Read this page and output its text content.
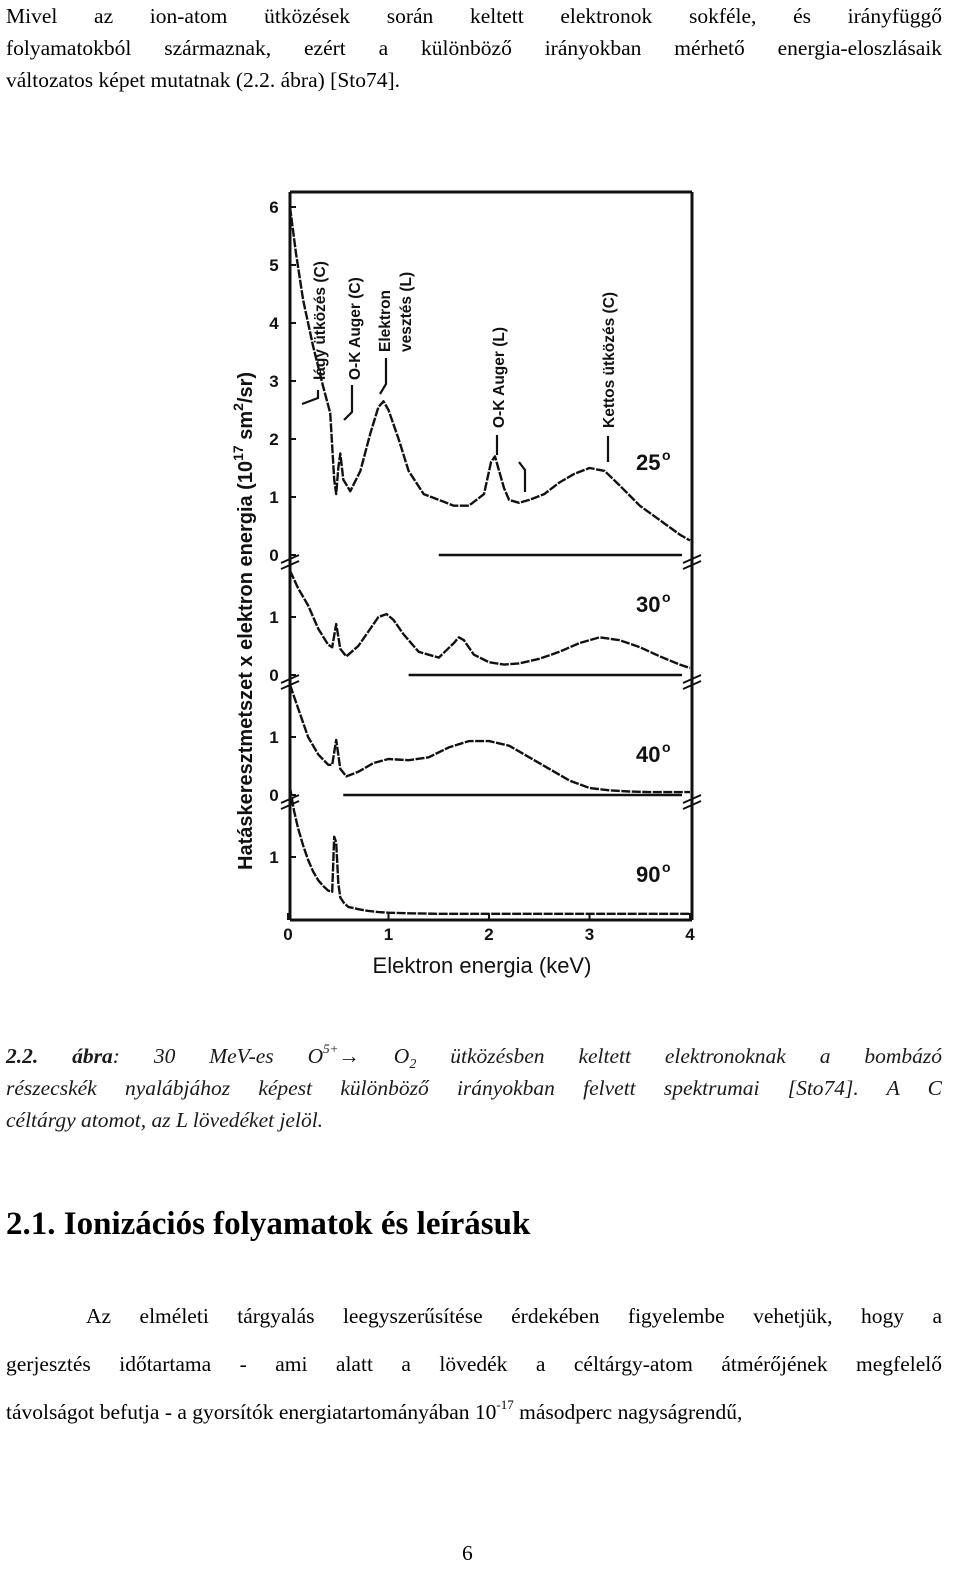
Mivel az ion-atom ütközések során keltett elektronok sokféle, és irányfüggő
folyamatokból származnak, ezért a különböző irányokban mérhető energia-eloszlásaik
változatos képet mutatnak (2.2. ábra) [Sto74].
6
5
4
3
2
1
0
1
0
1
0
1
0	1	2	3	4
25 o
30 o
40 o
90 o
lágy ütközés (C) O-K Auger (C) Elektron vesztés (L)
O-K Auger (L)	Kettos ütközés (C)
Elektron energia (keV)
Hatáskeresztmetszet x elektron energia ($10^{17}$ $sm^2/sr$)
2.2. ábra: 30 MeV-es $O^{5+}\to O_2$ ütközésben keltett elektronoknak a bombázó
részecskék nyalábjához képest különböző irányokban felvett spektrumai [Sto74]. A C
céltárgy atomot, az L lövedéket jelöl.
2.1. Ionizációs folyamatok és leírásuk
Az elméleti tárgyalás leegyszerűsítése érdekében figyelembe vehetjük, hogy a
gerjesztés időtartama - ami alatt a lövedék a céltárgy-atom átmérőjének megfelelő
távolságot befutja - a gyorsítók energiatartományában $10^{-17}$ másodperc nagyságrendű,
6
